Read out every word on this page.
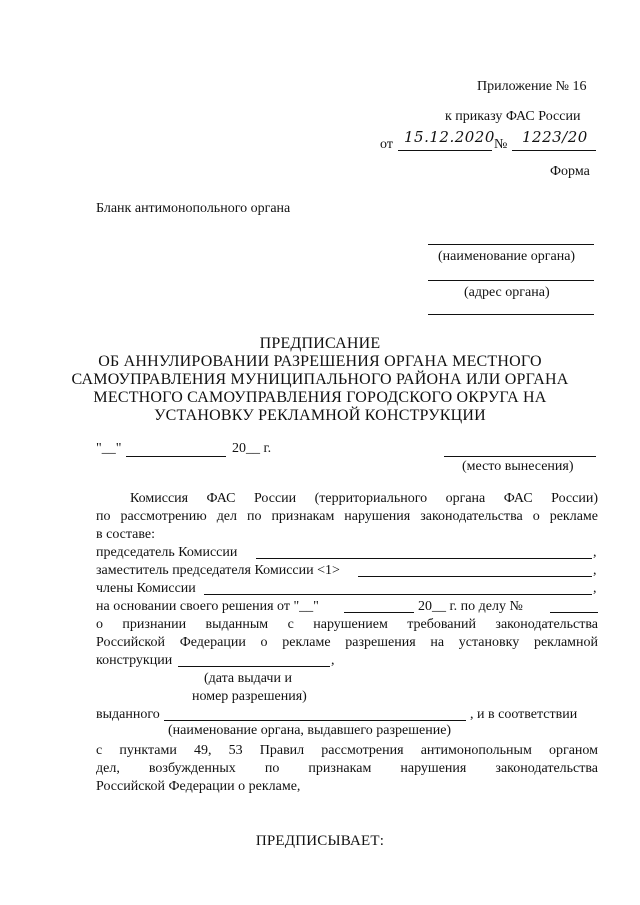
Приложение № 16
к приказу ФАС России
от 15.12.2020 № 1223/20
Форма
Бланк антимонопольного органа
(наименование органа)
(адрес органа)
ПРЕДПИСАНИЕ
ОБ АННУЛИРОВАНИИ РАЗРЕШЕНИЯ ОРГАНА МЕСТНОГО
САМОУПРАВЛЕНИЯ МУНИЦИПАЛЬНОГО РАЙОНА ИЛИ ОРГАНА
МЕСТНОГО САМОУПРАВЛЕНИЯ ГОРОДСКОГО ОКРУГА НА
УСТАНОВКУ РЕКЛАМНОЙ КОНСТРУКЦИИ
"__"	20__ г.
(место вынесения)
Комиссия ФАС России (территориального органа ФАС России)
по рассмотрению дел по признакам нарушения законодательства о рекламе
в составе:
председатель Комиссии	,
заместитель председателя Комиссии <1>	,
члены Комиссии	,
на основании своего решения от "__"	20__ г. по делу №
о признании выданным с нарушением требований законодательства
Российской Федерации о рекламе разрешения на установку рекламной
конструкции	,
(дата выдачи и
номер разрешения)
выданного	, и в соответствии
(наименование органа, выдавшего разрешение)
с пунктами 49, 53 Правил рассмотрения антимонопольным органом
дел, возбужденных по признакам нарушения законодательства
Российской Федерации о рекламе,
ПРЕДПИСЫВАЕТ:
